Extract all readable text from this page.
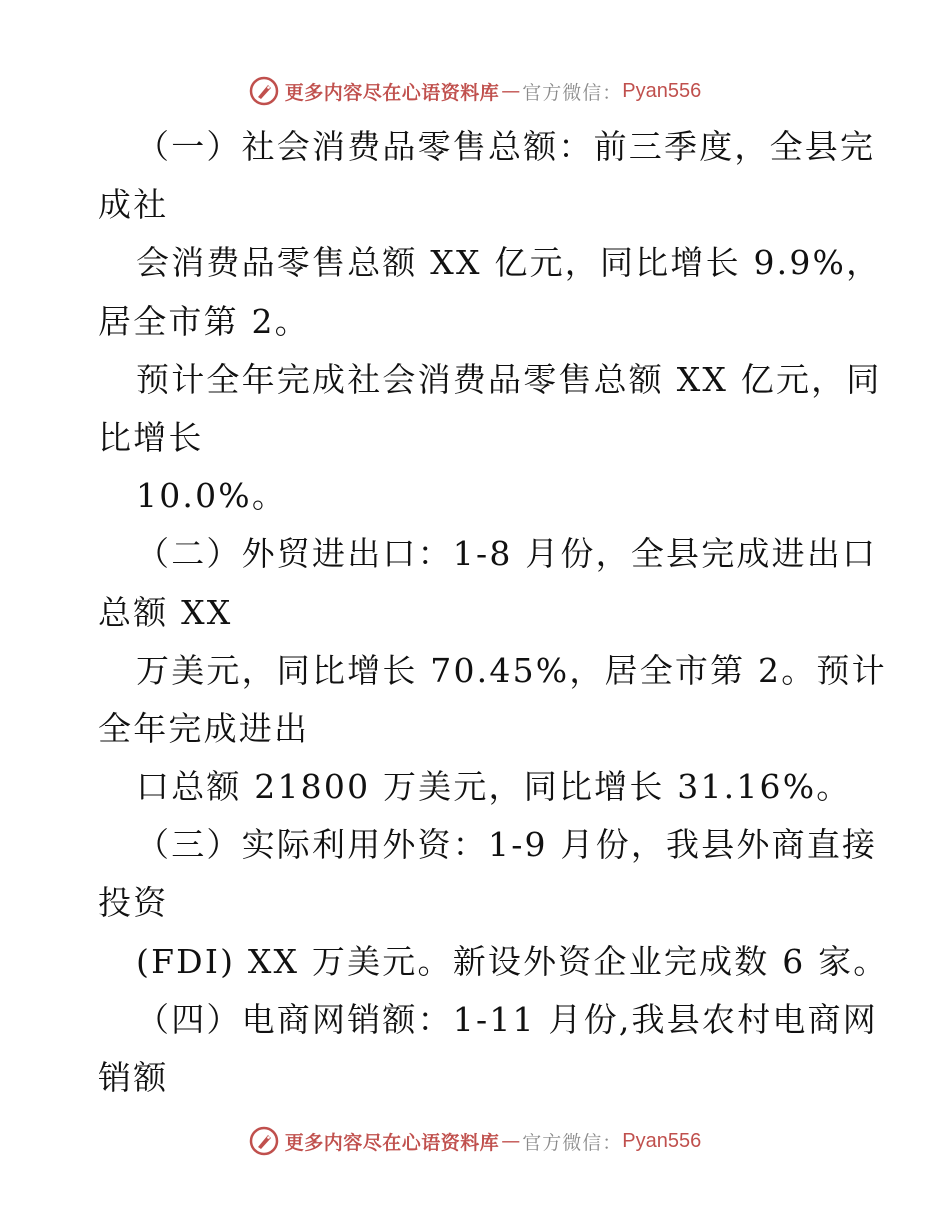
更多内容尽在心语资料库 — 官方微信： Pyan556
（一）社会消费品零售总额：前三季度，全县完
成社
会消费品零售总额 XX 亿元，同比增长 9.9%，
居全市第 2。
预计全年完成社会消费品零售总额 XX 亿元，同
比增长
10.0%。
（二）外贸进出口：1-8 月份，全县完成进出口
总额 XX
万美元，同比增长 70.45%，居全市第 2。预计
全年完成进出
口总额 21800 万美元，同比增长 31.16%。
（三）实际利用外资：1-9 月份，我县外商直接
投资
(FDI) XX 万美元。新设外资企业完成数 6 家。
（四）电商网销额：1-11 月份,我县农村电商网
销额
更多内容尽在心语资料库 — 官方微信： Pyan556
